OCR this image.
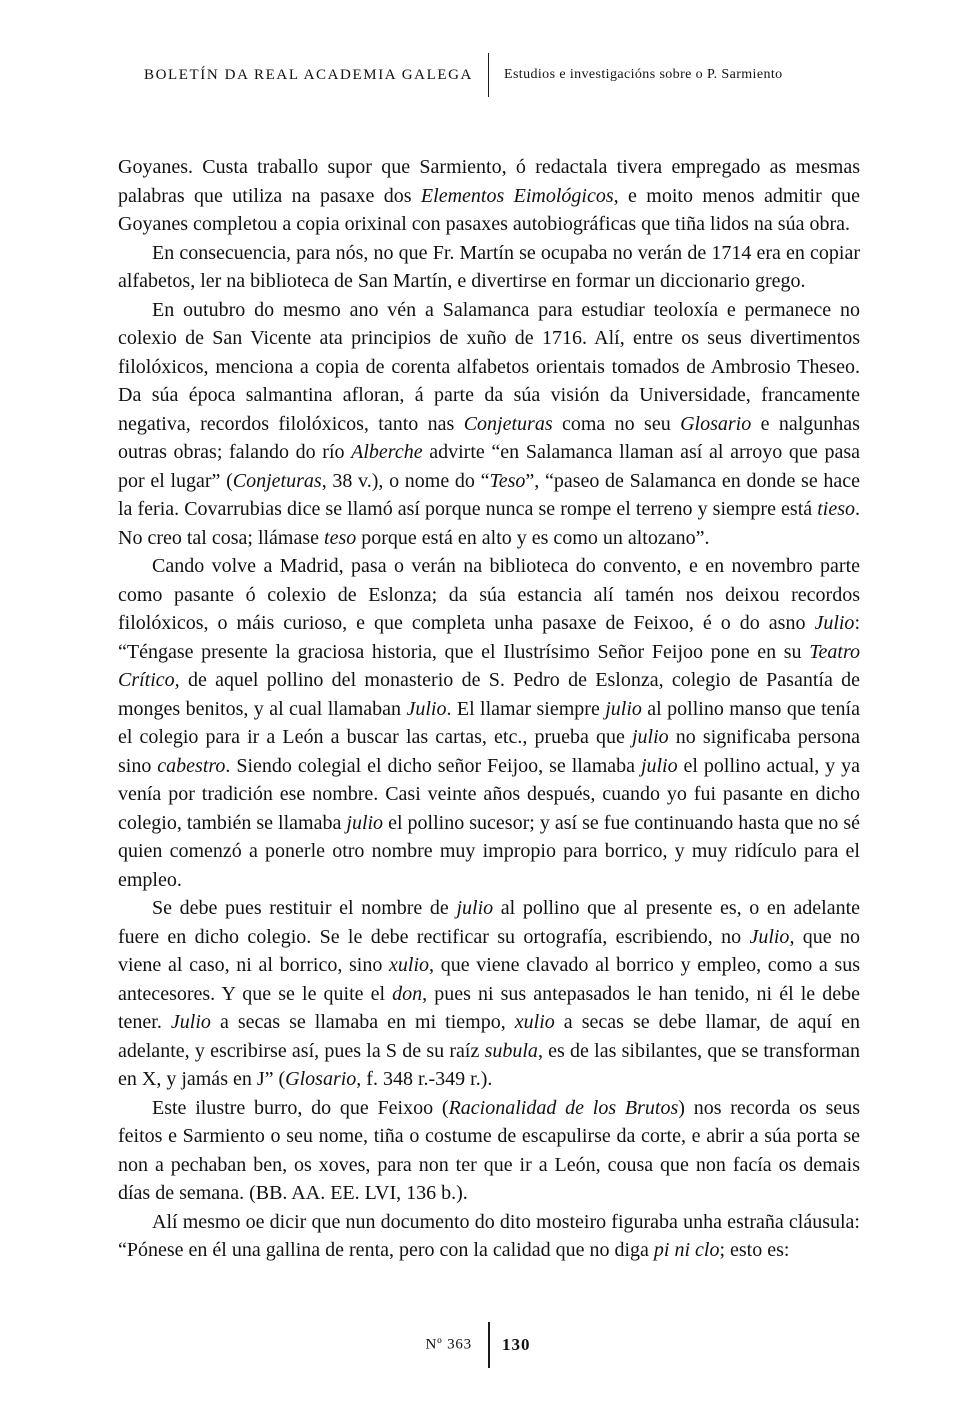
BOLETÍN DA REAL ACADEMIA GALEGA Estudios e investigacións sobre o P. Sarmiento

Goyanes. Custa traballo supor que Sarmiento, ó redactala tivera empregado as mesmas palabras que utiliza na pasaxe dos Elementos Eimológicos, e moito menos admitir que Goyanes completou a copia orixinal con pasaxes autobiográficas que tiña lidos na súa obra.

En consecuencia, para nós, no que Fr. Martín se ocupaba no verán de 1714 era en copiar alfabetos, ler na biblioteca de San Martín, e divertirse en formar un diccionario grego.

En outubro do mesmo ano vén a Salamanca para estudiar teoloxía e permanece no colexio de San Vicente ata principios de xuño de 1716. Alí, entre os seus divertimentos filolóxicos, menciona a copia de corenta alfabetos orientais tomados de Ambrosio Theseo. Da súa época salmantina afloran, á parte da súa visión da Universidade, francamente negativa, recordos filolóxicos, tanto nas Conjeturas coma no seu Glosario e nalgunhas outras obras; falando do río Alberche advirte “en Salamanca llaman así al arroyo que pasa por el lugar” (Conjeturas, 38 v.), o nome do “Teso”, “paseo de Salamanca en donde se hace la feria. Covarrubias dice se llamó así porque nunca se rompe el terreno y siempre está tieso. No creo tal cosa; llámase teso porque está en alto y es como un altozano”.

Cando volve a Madrid, pasa o verán na biblioteca do convento, e en novembro parte como pasante ó colexio de Eslonza; da súa estancia alí tamén nos deixou recordos filolóxicos, o máis curioso, e que completa unha pasaxe de Feixoo, é o do asno Julio: “Téngase presente la graciosa historia, que el Ilustrísimo Señor Feijoo pone en su Teatro Crítico, de aquel pollino del monasterio de S. Pedro de Eslonza, colegio de Pasantía de monges benitos, y al cual llamaban Julio. El llamar siempre julio al pollino manso que tenía el colegio para ir a León a buscar las cartas, etc., prueba que julio no significaba persona sino cabestro. Siendo colegial el dicho señor Feijoo, se llamaba julio el pollino actual, y ya venía por tradición ese nombre. Casi veinte años después, cuando yo fui pasante en dicho colegio, también se llamaba julio el pollino sucesor; y así se fue continuando hasta que no sé quien comenzó a ponerle otro nombre muy impropio para borrico, y muy ridículo para el empleo.

Se debe pues restituir el nombre de julio al pollino que al presente es, o en adelante fuere en dicho colegio. Se le debe rectificar su ortografía, escribiendo, no Julio, que no viene al caso, ni al borrico, sino xulio, que viene clavado al borrico y empleo, como a sus antecesores. Y que se le quite el don, pues ni sus antepasados le han tenido, ni él le debe tener. Julio a secas se llamaba en mi tiempo, xulio a secas se debe llamar, de aquí en adelante, y escribirse así, pues la S de su raíz subula, es de las sibilantes, que se transforman en X, y jamás en J” (Glosario, f. 348 r.-349 r.).

Este ilustre burro, do que Feixoo (Racionalidad de los Brutos) nos recorda os seus feitos e Sarmiento o seu nome, tiña o costume de escapulirse da corte, e abrir a súa porta se non a pechaban ben, os xoves, para non ter que ir a León, cousa que non facía os demais días de semana. (BB. AA. EE. LVI, 136 b.).

Alí mesmo oe dicir que nun documento do dito mosteiro figuraba unha estraña cláusula: “Pónese en él una gallina de renta, pero con la calidad que no diga pi ni clo; esto es:

Nº 363 130
